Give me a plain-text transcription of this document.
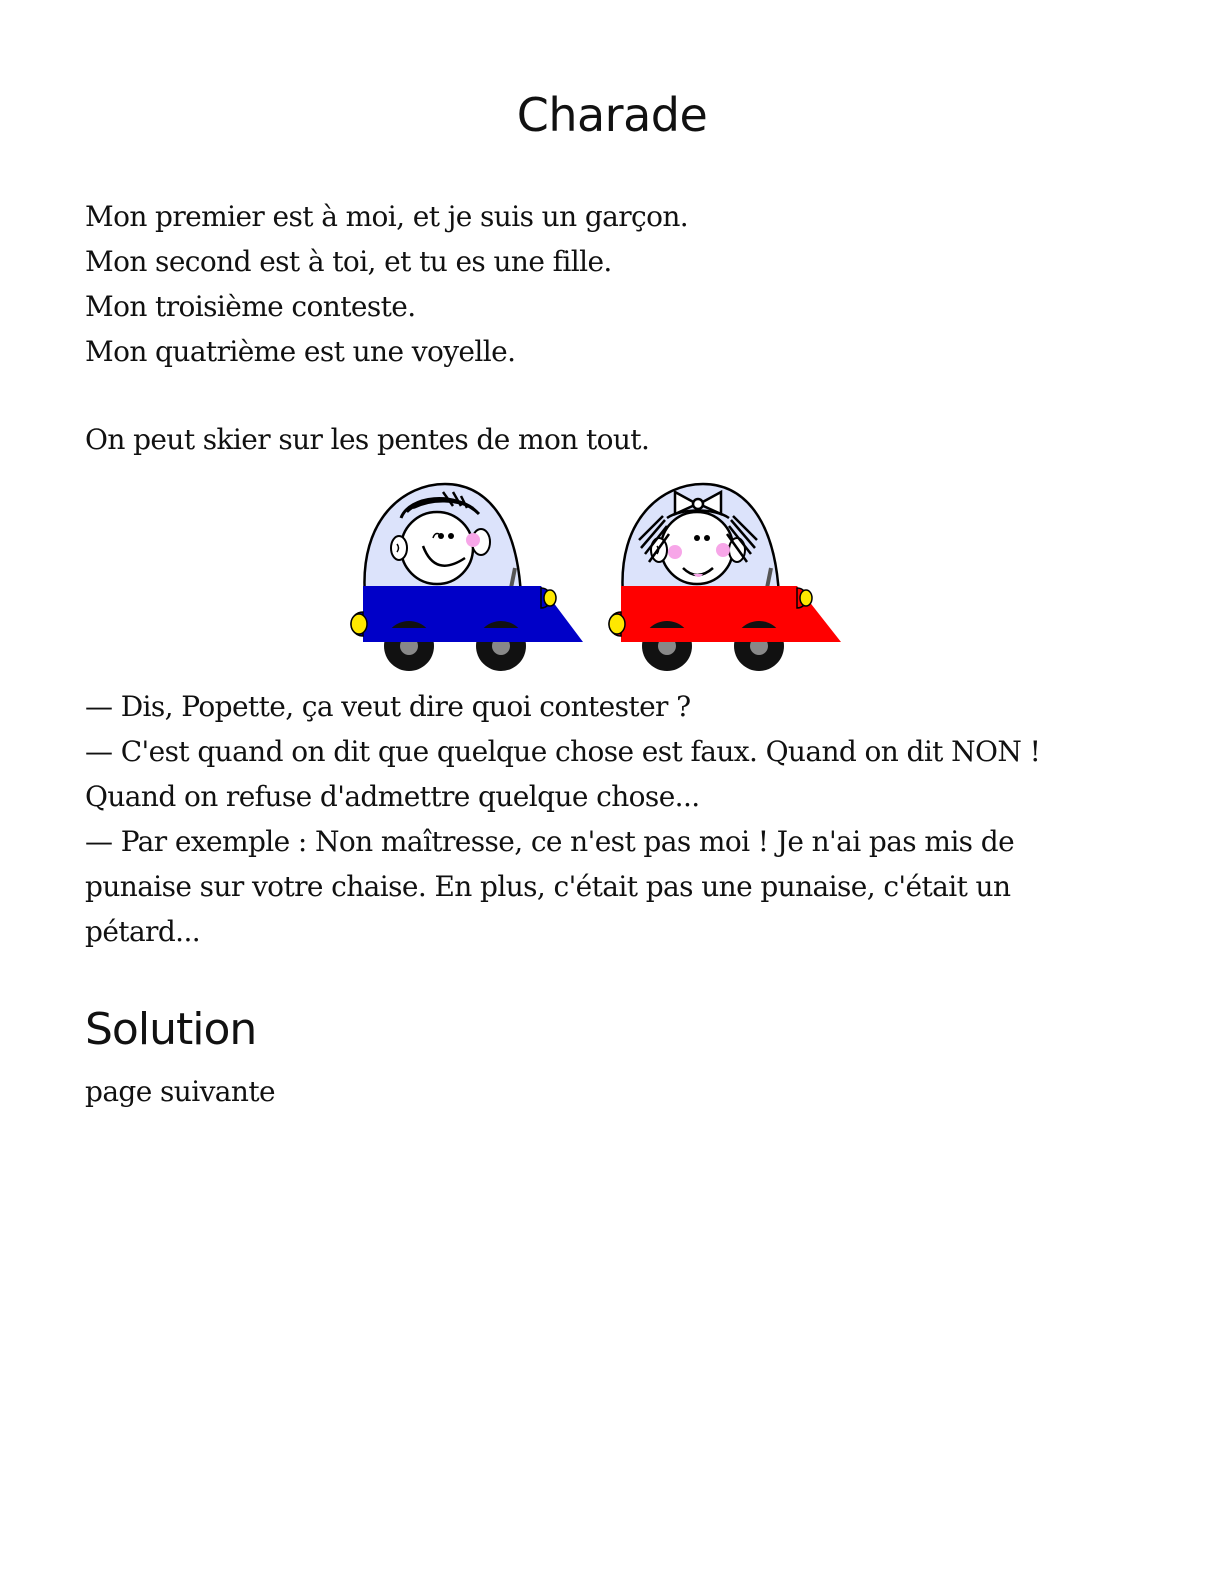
Charade
Mon premier est à moi, et je suis un garçon.
Mon second est à toi, et tu es une fille.
Mon troisième conteste.
Mon quatrième est une voyelle.

On peut skier sur les pentes de mon tout.

— Dis, Popette, ça veut dire quoi contester ?
— C'est quand on dit que quelque chose est faux. Quand on dit NON ! Quand on refuse d'admettre quelque chose...
— Par exemple : Non maîtresse, ce n'est pas moi ! Je n'ai pas mis de punaise sur votre chaise. En plus, c'était pas une punaise, c'était un pétard...
Solution

page suivante
